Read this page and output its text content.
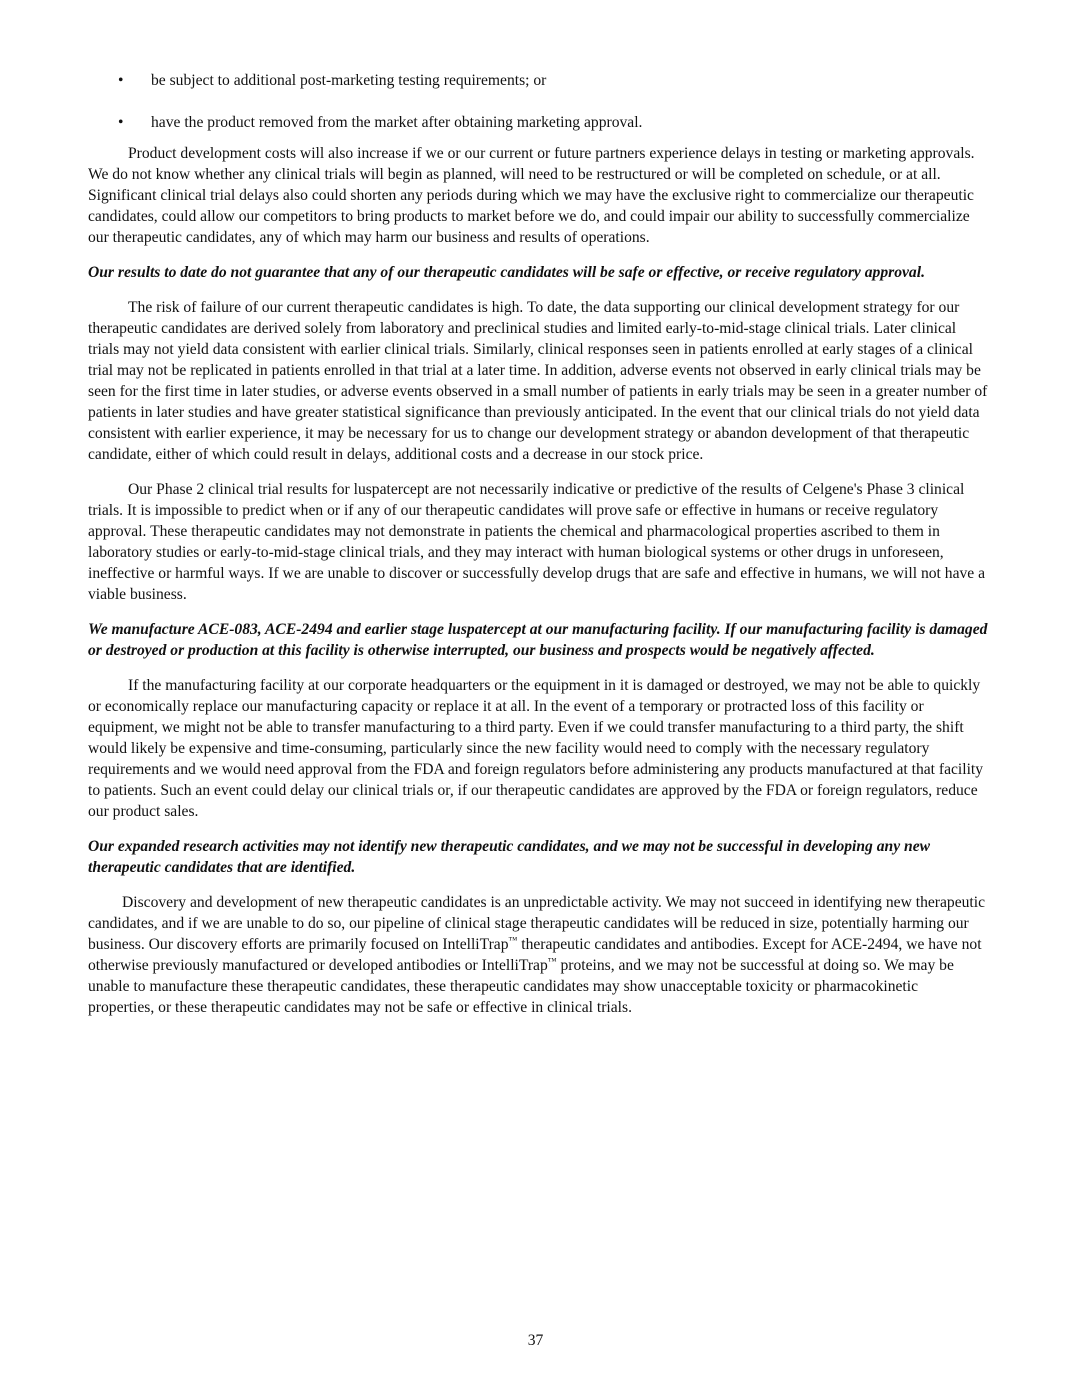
• be subject to additional post-marketing testing requirements; or
• have the product removed from the market after obtaining marketing approval.

Product development costs will also increase if we or our current or future partners experience delays in testing or marketing approvals. We do not know whether any clinical trials will begin as planned, will need to be restructured or will be completed on schedule, or at all. Significant clinical trial delays also could shorten any periods during which we may have the exclusive right to commercialize our therapeutic candidates, could allow our competitors to bring products to market before we do, and could impair our ability to successfully commercialize our therapeutic candidates, any of which may harm our business and results of operations.

Our results to date do not guarantee that any of our therapeutic candidates will be safe or effective, or receive regulatory approval.

The risk of failure of our current therapeutic candidates is high. To date, the data supporting our clinical development strategy for our therapeutic candidates are derived solely from laboratory and preclinical studies and limited early-to-mid-stage clinical trials. Later clinical trials may not yield data consistent with earlier clinical trials. Similarly, clinical responses seen in patients enrolled at early stages of a clinical trial may not be replicated in patients enrolled in that trial at a later time. In addition, adverse events not observed in early clinical trials may be seen for the first time in later studies, or adverse events observed in a small number of patients in early trials may be seen in a greater number of patients in later studies and have greater statistical significance than previously anticipated. In the event that our clinical trials do not yield data consistent with earlier experience, it may be necessary for us to change our development strategy or abandon development of that therapeutic candidate, either of which could result in delays, additional costs and a decrease in our stock price.

Our Phase 2 clinical trial results for luspatercept are not necessarily indicative or predictive of the results of Celgene's Phase 3 clinical trials. It is impossible to predict when or if any of our therapeutic candidates will prove safe or effective in humans or receive regulatory approval. These therapeutic candidates may not demonstrate in patients the chemical and pharmacological properties ascribed to them in laboratory studies or early-to-mid-stage clinical trials, and they may interact with human biological systems or other drugs in unforeseen, ineffective or harmful ways. If we are unable to discover or successfully develop drugs that are safe and effective in humans, we will not have a viable business.

We manufacture ACE-083, ACE-2494 and earlier stage luspatercept at our manufacturing facility. If our manufacturing facility is damaged or destroyed or production at this facility is otherwise interrupted, our business and prospects would be negatively affected.

If the manufacturing facility at our corporate headquarters or the equipment in it is damaged or destroyed, we may not be able to quickly or economically replace our manufacturing capacity or replace it at all. In the event of a temporary or protracted loss of this facility or equipment, we might not be able to transfer manufacturing to a third party. Even if we could transfer manufacturing to a third party, the shift would likely be expensive and time-consuming, particularly since the new facility would need to comply with the necessary regulatory requirements and we would need approval from the FDA and foreign regulators before administering any products manufactured at that facility to patients. Such an event could delay our clinical trials or, if our therapeutic candidates are approved by the FDA or foreign regulators, reduce our product sales.

Our expanded research activities may not identify new therapeutic candidates, and we may not be successful in developing any new therapeutic candidates that are identified.

Discovery and development of new therapeutic candidates is an unpredictable activity. We may not succeed in identifying new therapeutic candidates, and if we are unable to do so, our pipeline of clinical stage therapeutic candidates will be reduced in size, potentially harming our business. Our discovery efforts are primarily focused on IntelliTrap™ therapeutic candidates and antibodies. Except for ACE-2494, we have not otherwise previously manufactured or developed antibodies or IntelliTrap™ proteins, and we may not be successful at doing so. We may be unable to manufacture these therapeutic candidates, these therapeutic candidates may show unacceptable toxicity or pharmacokinetic properties, or these therapeutic candidates may not be safe or effective in clinical trials.

37
